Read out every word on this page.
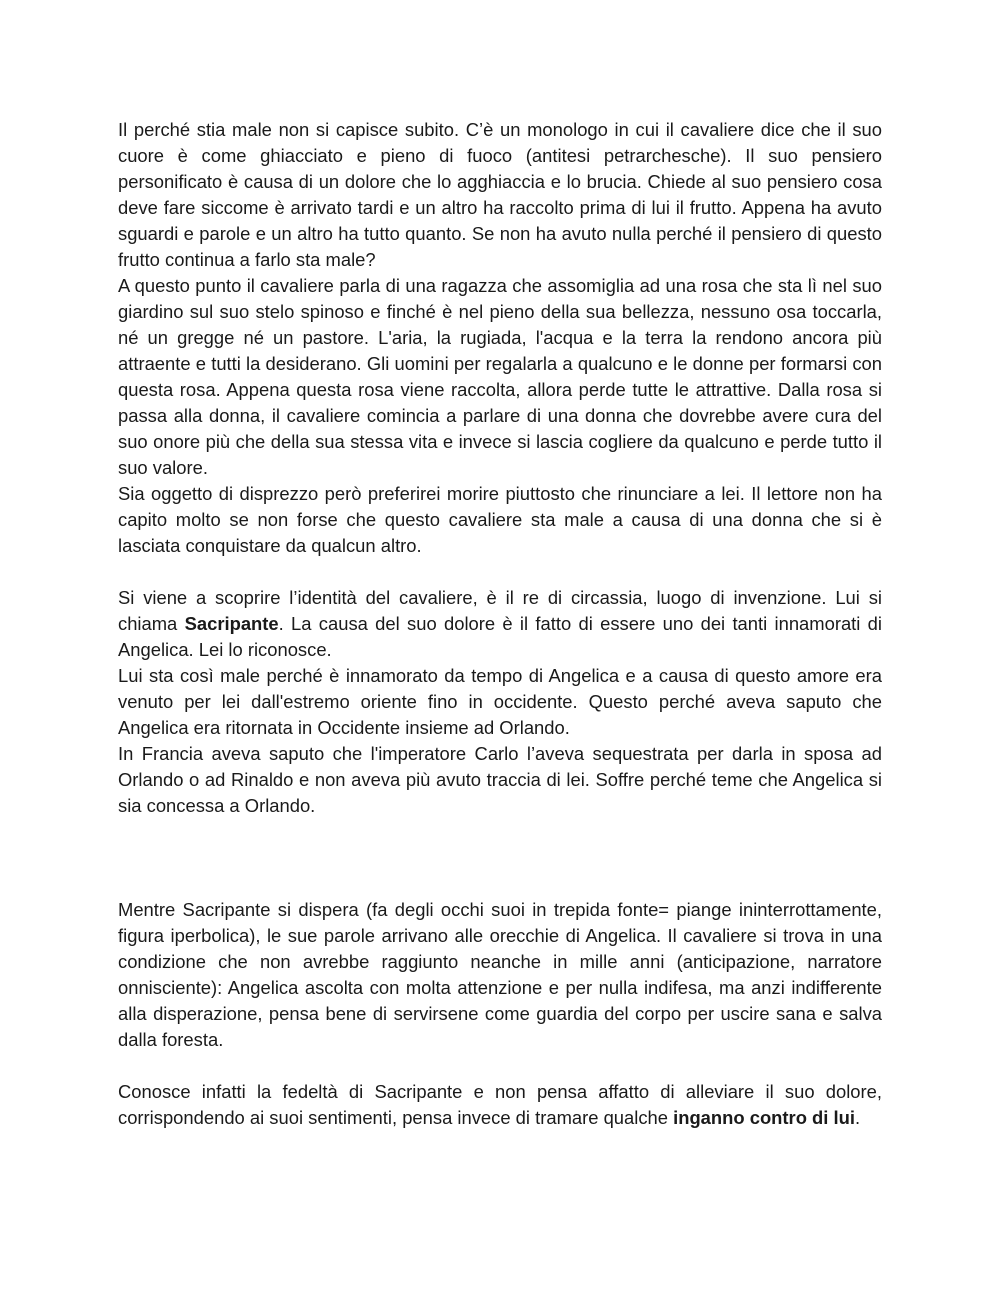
Il perché stia male non si capisce subito. C’è un monologo in cui il cavaliere dice che il suo cuore è come ghiacciato e pieno di fuoco (antitesi petrarchesche). Il suo pensiero personificato è causa di un dolore che lo agghiaccia e lo brucia. Chiede al suo pensiero cosa deve fare siccome è arrivato tardi e un altro ha raccolto prima di lui il frutto. Appena ha avuto sguardi e parole e un altro ha tutto quanto. Se non ha avuto nulla perché il pensiero di questo frutto continua a farlo sta male?

A questo punto il cavaliere parla di una ragazza che assomiglia ad una rosa che sta lì nel suo giardino sul suo stelo spinoso e finché è nel pieno della sua bellezza, nessuno osa toccarla, né un gregge né un pastore. L'aria, la rugiada, l'acqua e la terra la rendono ancora più attraente e tutti la desiderano. Gli uomini per regalarla a qualcuno e le donne per formarsi con questa rosa. Appena questa rosa viene raccolta, allora perde tutte le attrattive. Dalla rosa si passa alla donna, il cavaliere comincia a parlare di una donna che dovrebbe avere cura del suo onore più che della sua stessa vita e invece si lascia cogliere da qualcuno e perde tutto il suo valore.

Sia oggetto di disprezzo però preferirei morire piuttosto che rinunciare a lei. Il lettore non ha capito molto se non forse che questo cavaliere sta male a causa di una donna che si è lasciata conquistare da qualcun altro.

Si viene a scoprire l’identità del cavaliere, è il re di circassia, luogo di invenzione. Lui si chiama Sacripante. La causa del suo dolore è il fatto di essere uno dei tanti innamorati di Angelica. Lei lo riconosce.

Lui sta così male perché è innamorato da tempo di Angelica e a causa di questo amore era venuto per lei dall'estremo oriente fino in occidente. Questo perché aveva saputo che Angelica era ritornata in Occidente insieme ad Orlando.

In Francia aveva saputo che l'imperatore Carlo l’aveva sequestrata per darla in sposa ad Orlando o ad Rinaldo e non aveva più avuto traccia di lei. Soffre perché teme che Angelica si sia concessa a Orlando.

Mentre Sacripante si dispera (fa degli occhi suoi in trepida fonte= piange ininterrottamente, figura iperbolica), le sue parole arrivano alle orecchie di Angelica. Il cavaliere si trova in una condizione che non avrebbe raggiunto neanche in mille anni (anticipazione, narratore onnisciente): Angelica ascolta con molta attenzione e per nulla indifesa, ma anzi indifferente alla disperazione, pensa bene di servirsene come guardia del corpo per uscire sana e salva dalla foresta.

Conosce infatti la fedeltà di Sacripante e non pensa affatto di alleviare il suo dolore, corrispondendo ai suoi sentimenti, pensa invece di tramare qualche inganno contro di lui.
